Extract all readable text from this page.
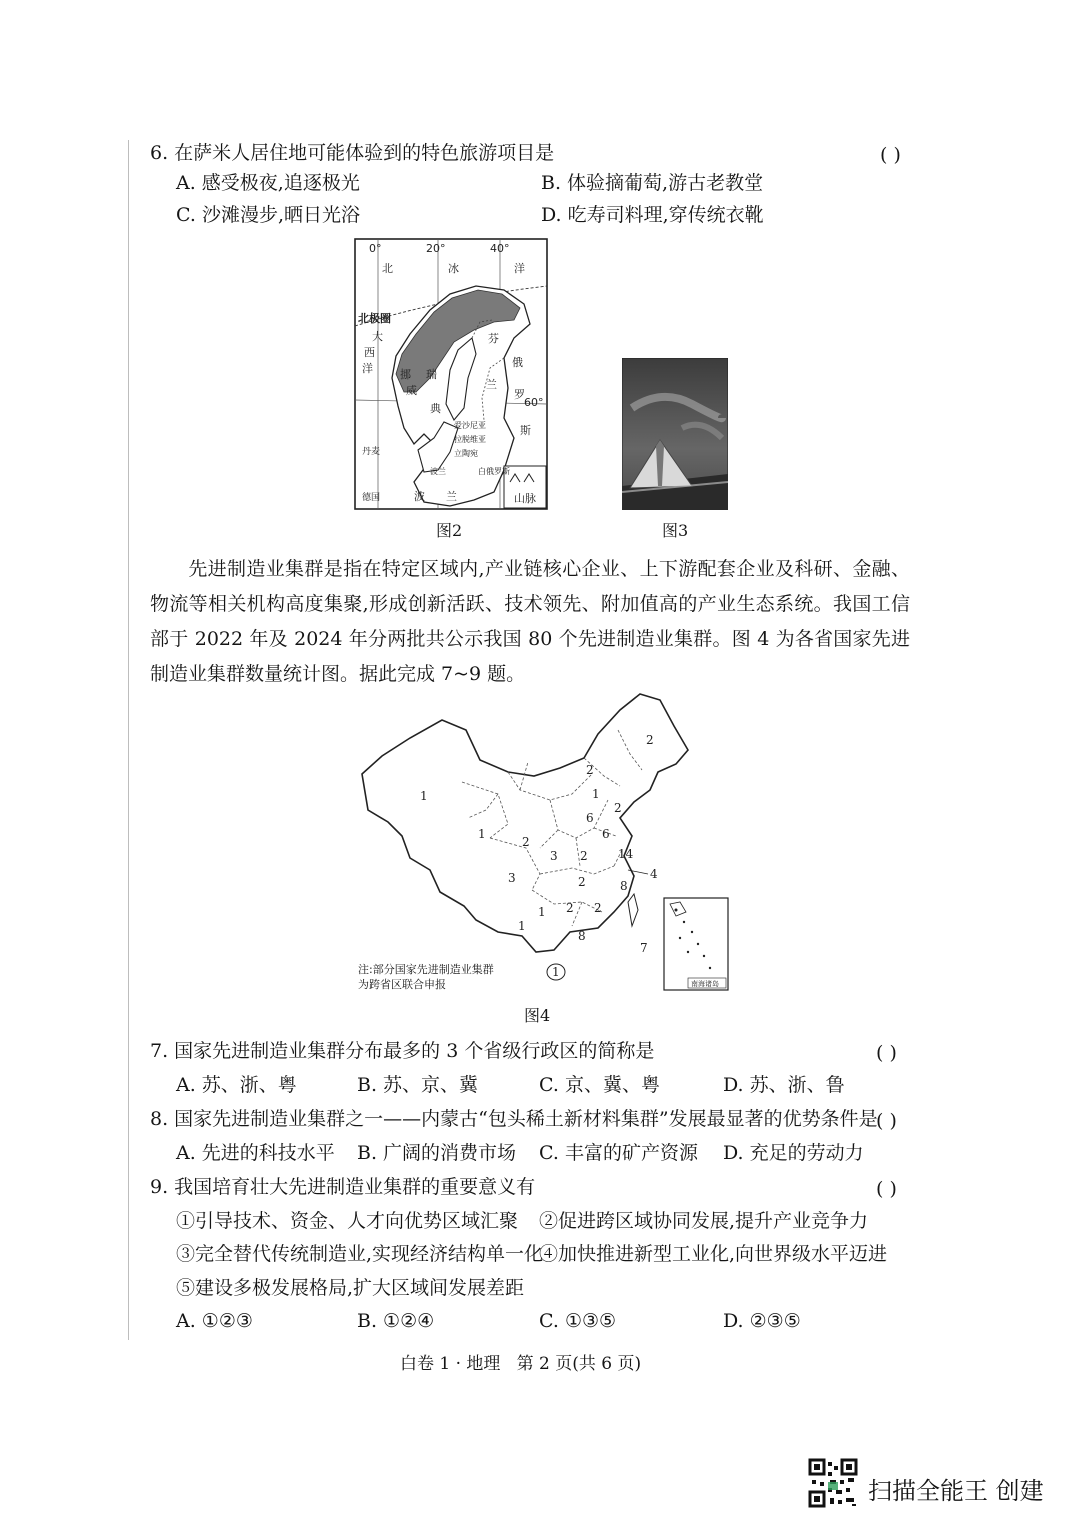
6. 在萨米人居住地可能体验到的特色旅游项目是	( )
A. 感受极夜,追逐极光	B. 体验摘葡萄,游古老教堂
C. 沙滩漫步,晒日光浴	D. 吃寿司料理,穿传统衣靴
0°	20°	40°
60°
北	冰	洋
北极圈
大
西
洋 挪
威
瑞
典
芬
兰
俄
罗
斯
爱沙尼亚
拉脱维亚
立陶宛
丹麦
波兰
德国
白俄罗斯
波 兰	山脉
图2	图3
先进制造业集群是指在特定区域内,产业链核心企业、上下游配套企业及科研、金融、物流等相关机构高度集聚,形成创新活跃、技术领先、附加值高的产业生态系统。我国工信部于 2022 年及 2024 年分两批共公示我国 80 个先进制造业集群。图 4 为各省国家先进制造业集群数量统计图。据此完成 7~9 题。
2
1
2
2
1
6
1
2
6
3 2	14
4
3	2	8
1 2 2
1
8
7
1
南海诸岛
注:部分国家先进制造业集群为跨省区联合申报
图4
7. 国家先进制造业集群分布最多的 3 个省级行政区的简称是	( )
A. 苏、浙、粤	B. 苏、京、冀	C. 京、冀、粤	D. 苏、浙、鲁
8. 国家先进制造业集群之一——内蒙古“包头稀土新材料集群”发展最显著的优势条件是
( )
A. 先进的科技水平 B. 广阔的消费市场 C. 丰富的矿产资源 D. 充足的劳动力
9. 我国培育壮大先进制造业集群的重要意义有	( )
①引导技术、资金、人才向优势区域汇聚 ②促进跨区域协同发展,提升产业竞争力
③完全替代传统制造业,实现经济结构单一化
④加快推进新型工业化,向世界级水平迈进
⑤建设多极发展格局,扩大区域间发展差距
A. ①②③	B. ①②④	C. ①③⑤	D. ②③⑤
白卷 1 · 地理   第 2 页(共 6 页)
扫描全能王 创建
